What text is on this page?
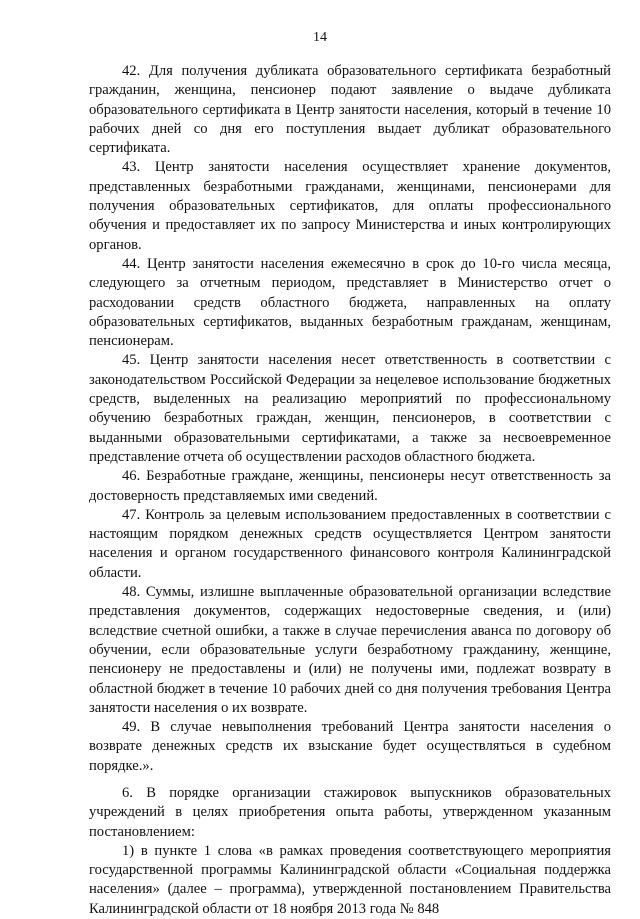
14

42. Для получения дубликата образовательного сертификата безработный гражданин, женщина, пенсионер подают заявление о выдаче дубликата образовательного сертификата в Центр занятости населения, который в течение 10 рабочих дней со дня его поступления выдает дубликат образовательного сертификата.

43. Центр занятости населения осуществляет хранение документов, представленных безработными гражданами, женщинами, пенсионерами для получения образовательных сертификатов, для оплаты профессионального обучения и предоставляет их по запросу Министерства и иных контролирующих органов.

44. Центр занятости населения ежемесячно в срок до 10-го числа месяца, следующего за отчетным периодом, представляет в Министерство отчет о расходовании средств областного бюджета, направленных на оплату образовательных сертификатов, выданных безработным гражданам, женщинам, пенсионерам.

45. Центр занятости населения несет ответственность в соответствии с законодательством Российской Федерации за нецелевое использование бюджетных средств, выделенных на реализацию мероприятий по профессиональному обучению безработных граждан, женщин, пенсионеров, в соответствии с выданными образовательными сертификатами, а также за несвоевременное представление отчета об осуществлении расходов областного бюджета.

46. Безработные граждане, женщины, пенсионеры несут ответственность за достоверность представляемых ими сведений.

47. Контроль за целевым использованием предоставленных в соответствии с настоящим порядком денежных средств осуществляется Центром занятости населения и органом государственного финансового контроля Калининградской области.

48. Суммы, излишне выплаченные образовательной организации вследствие представления документов, содержащих недостоверные сведения, и (или) вследствие счетной ошибки, а также в случае перечисления аванса по договору об обучении, если образовательные услуги безработному гражданину, женщине, пенсионеру не предоставлены и (или) не получены ими, подлежат возврату в областной бюджет в течение 10 рабочих дней со дня получения требования Центра занятости населения о их возврате.

49. В случае невыполнения требований Центра занятости населения о возврате денежных средств их взыскание будет осуществляться в судебном порядке.».

6. В порядке организации стажировок выпускников образовательных учреждений в целях приобретения опыта работы, утвержденном указанным постановлением:

1) в пункте 1 слова «в рамках проведения соответствующего мероприятия государственной программы Калининградской области «Социальная поддержка населения» (далее – программа), утвержденной постановлением Правительства Калининградской области от 18 ноября 2013 года № 848
